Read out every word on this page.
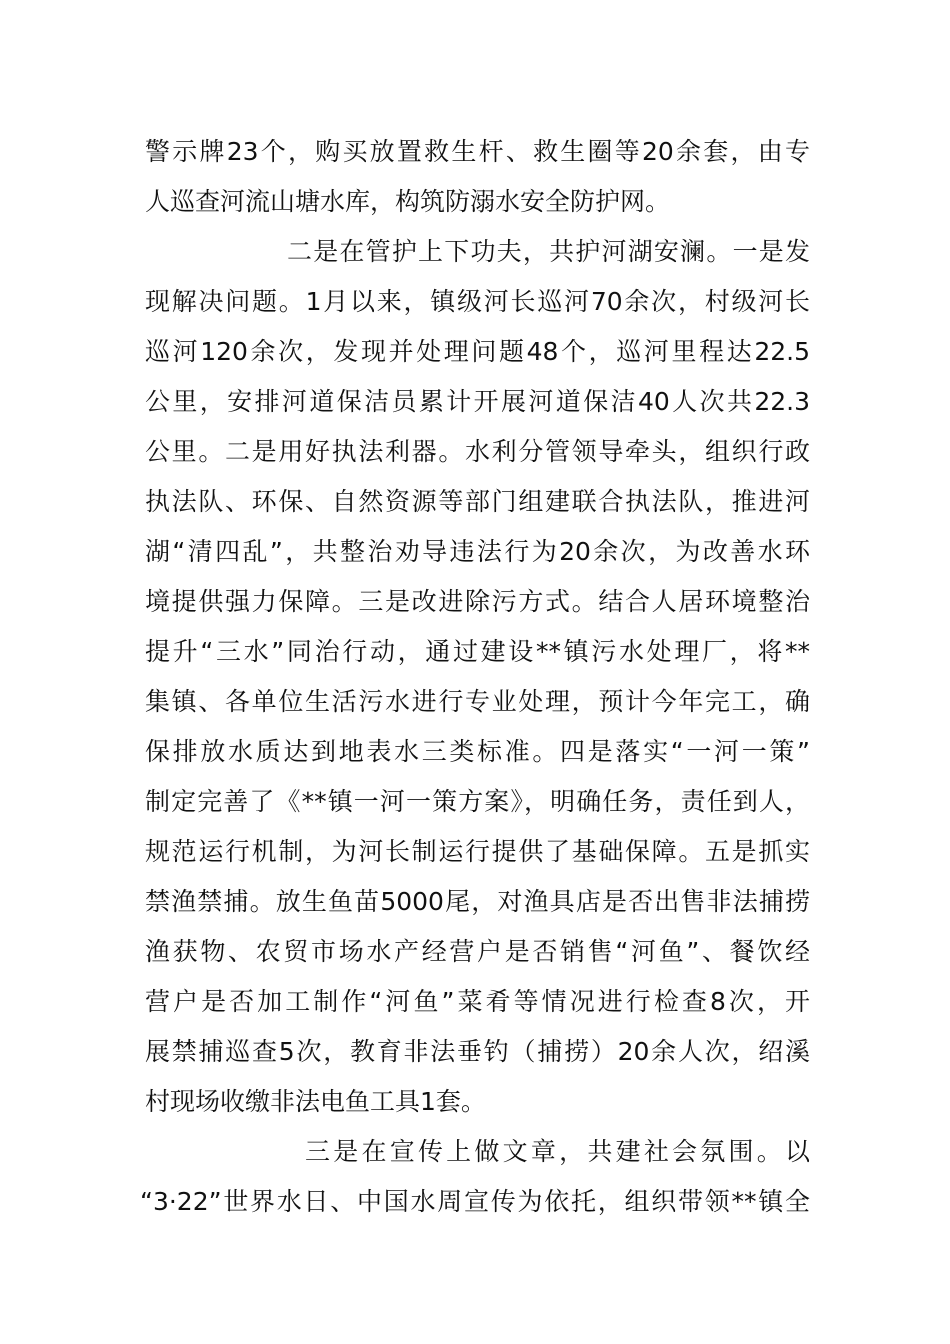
警示牌23个，购买放置救生杆、救生圈等20余套，由专
人巡查河流山塘水库，构筑防溺水安全防护网。
二是在管护上下功夫，共护河湖安澜。一是发
现解决问题。1月以来，镇级河长巡河70余次，村级河长
巡河120余次，发现并处理问题48个，巡河里程达22.5
公里，安排河道保洁员累计开展河道保洁40人次共22.3
公里。二是用好执法利器。水利分管领导牵头，组织行政
执法队、环保、自然资源等部门组建联合执法队，推进河
湖“清四乱”，共整治劝导违法行为20余次，为改善水环
境提供强力保障。三是改进除污方式。结合人居环境整治
提升“三水”同治行动，通过建设**镇污水处理厂，将**
集镇、各单位生活污水进行专业处理，预计今年完工，确
保排放水质达到地表水三类标准。四是落实“一河一策”
制定完善了《**镇一河一策方案》，明确任务，责任到人，
规范运行机制，为河长制运行提供了基础保障。五是抓实
禁渔禁捕。放生鱼苗5000尾，对渔具店是否出售非法捕捞
渔获物、农贸市场水产经营户是否销售“河鱼”、餐饮经
营户是否加工制作“河鱼”菜肴等情况进行检查8次，开
展禁捕巡查5次，教育非法垂钓（捕捞）20余人次，绍溪
村现场收缴非法电鱼工具1套。
三是在宣传上做文章，共建社会氛围。以
“3·22”世界水日、中国水周宣传为依托，组织带领**镇全
